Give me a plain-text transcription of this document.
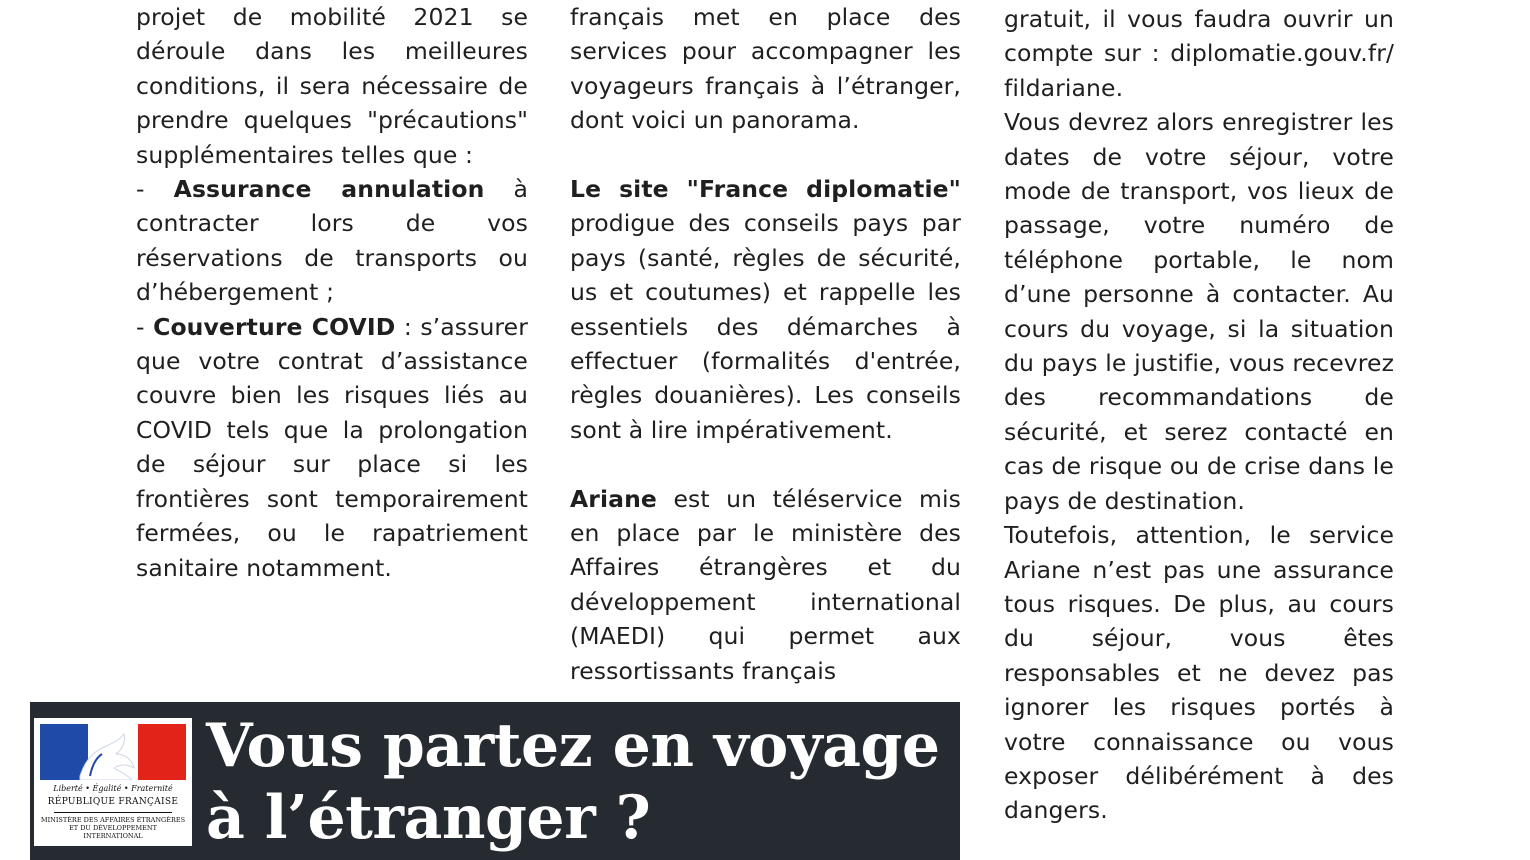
projet de mobilité 2021 se déroule dans les meilleures conditions, il sera nécessaire de prendre quelques "précautions" supplémentaires telles que :

- Assurance annulation à contracter lors de vos réservations de transports ou d’hébergement ;

- Couverture COVID : s’assurer que votre contrat d’assistance couvre bien les risques liés au COVID tels que la prolongation de séjour sur place si les frontières sont temporairement fermées, ou le rapatriement sanitaire notamment.

français met en place des services pour accompagner les voyageurs français à l’étranger, dont voici un panorama.

Le site "France diplomatie" prodigue des conseils pays par pays (santé, règles de sécurité, us et coutumes) et rappelle les essentiels des démarches à effectuer (formalités d'entrée, règles douanières). Les conseils sont à lire impérativement.

Ariane est un téléservice mis en place par le ministère des Affaires étrangères et du développement international (MAEDI) qui permet aux ressortissants français

gratuit, il vous faudra ouvrir un compte sur : diplomatie.gouv.fr/ fildariane.

Vous devrez alors enregistrer les dates de votre séjour, votre mode de transport, vos lieux de passage, votre numéro de téléphone portable, le nom d’une personne à contacter. Au cours du voyage, si la situation du pays le justifie, vous recevrez des recommandations de sécurité, et serez contacté en cas de risque ou de crise dans le pays de destination.

Toutefois, attention, le service Ariane n’est pas une assurance tous risques. De plus, au cours du séjour, vous êtes responsables et ne devez pas ignorer les risques portés à votre connaissance ou vous exposer délibérément à des dangers.

Liberté • Égalité • Fraternité
RÉPUBLIQUE FRANÇAISE
MINISTÈRE DES AFFAIRES ÉTRANGÈRES ET DU DÉVELOPPEMENT INTERNATIONAL
Vous partez en voyage
à l’étranger ?
